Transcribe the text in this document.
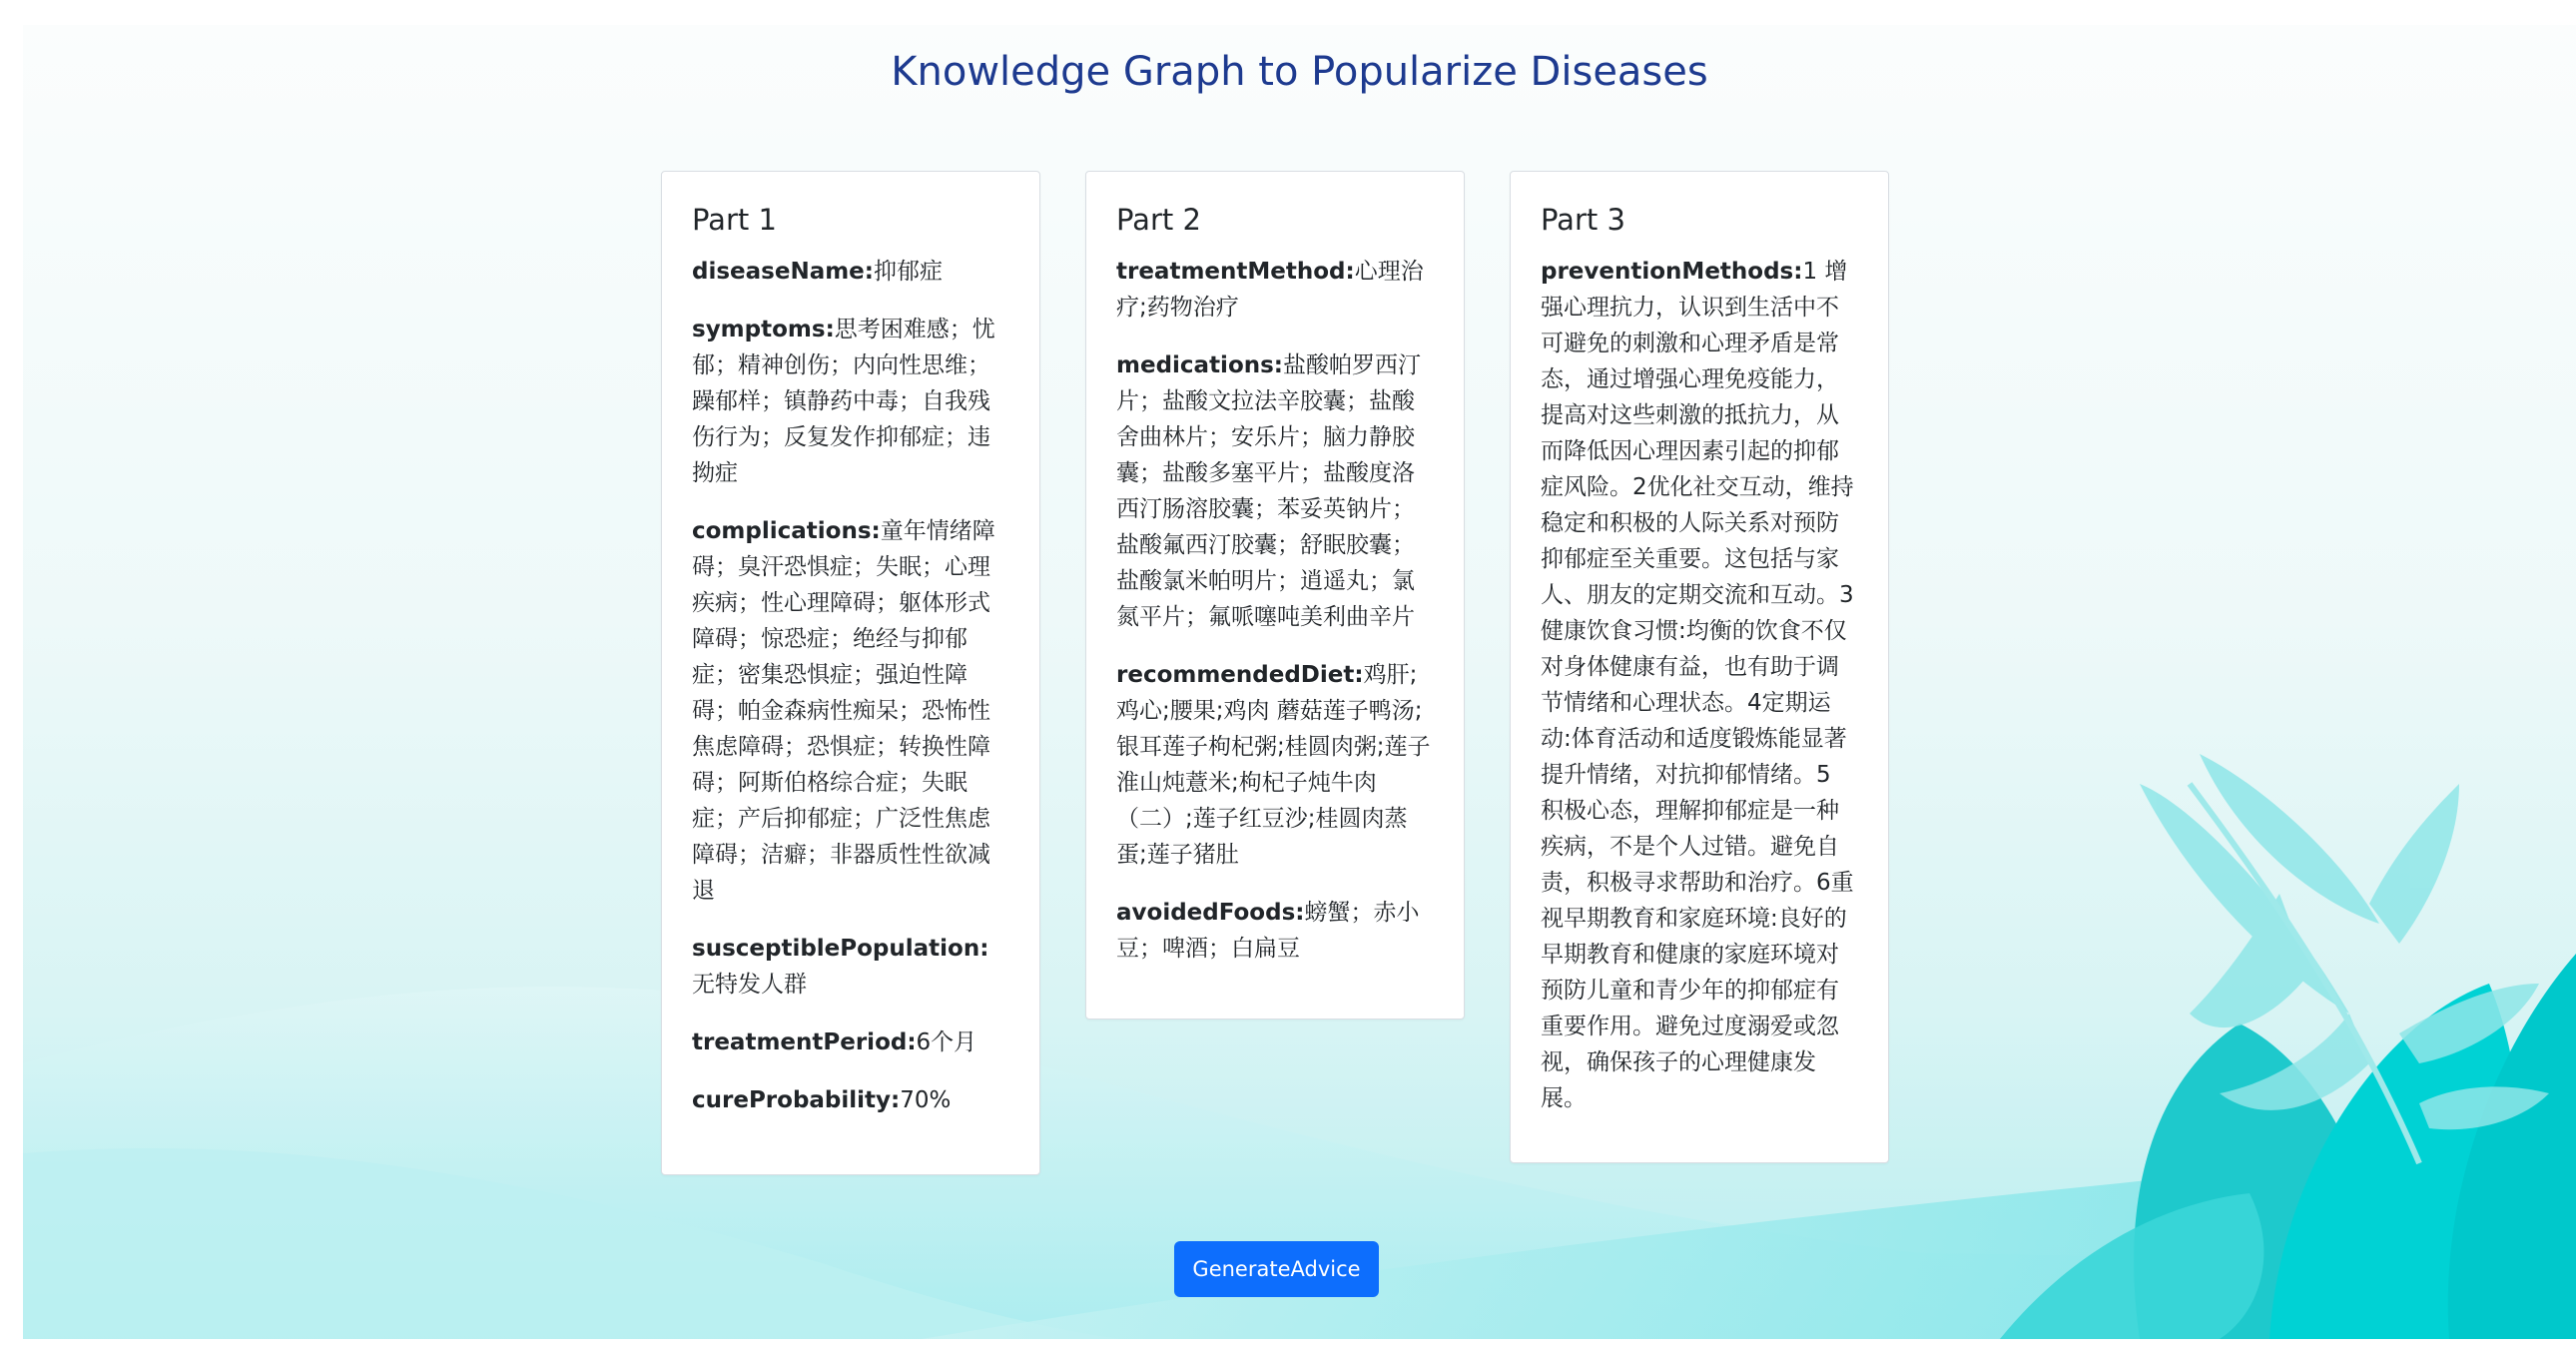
Knowledge Graph to Popularize Diseases
Part 1

diseaseName:抑郁症

symptoms:思考困难感；忧郁；精神创伤；内向性思维；躁郁样；镇静药中毒；自我残伤行为；反复发作抑郁症；违拗症

complications:童年情绪障碍；臭汗恐惧症；失眠；心理疾病；性心理障碍；躯体形式障碍；惊恐症；绝经与抑郁症；密集恐惧症；强迫性障碍；帕金森病性痴呆；恐怖性焦虑障碍；恐惧症；转换性障碍；阿斯伯格综合症；失眠症；产后抑郁症；广泛性焦虑障碍；洁癖；非器质性性欲减退

susceptiblePopulation:无特发人群

treatmentPeriod:6个月

cureProbability:70%

Part 2

treatmentMethod:心理治疗;药物治疗

medications:盐酸帕罗西汀片；盐酸文拉法辛胶囊；盐酸舍曲林片；安乐片；脑力静胶囊；盐酸多塞平片；盐酸度洛西汀肠溶胶囊；苯妥英钠片；盐酸氟西汀胶囊；舒眠胶囊；盐酸氯米帕明片；逍遥丸；氯氮平片；氟哌噻吨美利曲辛片

recommendedDiet:鸡肝;鸡心;腰果;鸡肉 蘑菇莲子鸭汤;银耳莲子枸杞粥;桂圆肉粥;莲子淮山炖薏米;枸杞子炖牛肉（二）;莲子红豆沙;桂圆肉蒸蛋;莲子猪肚

avoidedFoods:螃蟹；赤小豆；啤酒；白扁豆

Part 3

preventionMethods:1 增强心理抗力，认识到生活中不可避免的刺激和心理矛盾是常态，通过增强心理免疫能力，提高对这些刺激的抵抗力，从而降低因心理因素引起的抑郁症风险。2优化社交互动，维持稳定和积极的人际关系对预防抑郁症至关重要。这包括与家人、朋友的定期交流和互动。3 健康饮食习惯:均衡的饮食不仅对身体健康有益，也有助于调节情绪和心理状态。4定期运动:体育活动和适度锻炼能显著提升情绪，对抗抑郁情绪。5 积极心态，理解抑郁症是一种疾病，不是个人过错。避免自责，积极寻求帮助和治疗。6重视早期教育和家庭环境:良好的早期教育和健康的家庭环境对预防儿童和青少年的抑郁症有重要作用。避免过度溺爱或忽视，确保孩子的心理健康发展。

GenerateAdvice
